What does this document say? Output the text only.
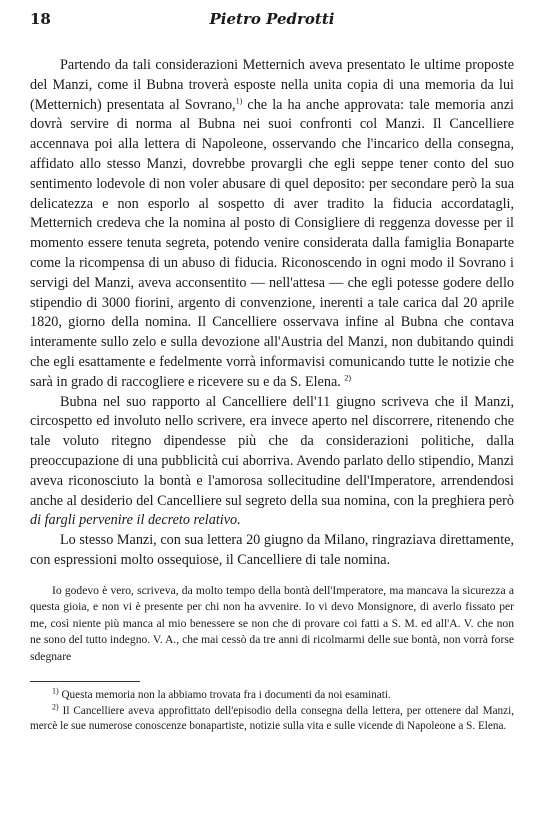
18	Pietro Pedrotti

Partendo da tali considerazioni Metternich aveva presentato le ultime proposte del Manzi, come il Bubna troverà esposte nella unita copia di una memoria da lui (Metternich) presentata al Sovrano,$^{1)}$ che la ha anche approvata: tale memoria anzi dovrà servire di norma al Bubna nei suoi confronti col Manzi. Il Cancelliere accennava poi alla lettera di Napoleone, osservando che l'incarico della consegna, affidato allo stesso Manzi, dovrebbe provargli che egli seppe tener conto del suo sentimento lodevole di non voler abusare di quel deposito: per secondare però la sua delicatezza e non esporlo al sospetto di aver tradito la fiducia accordatagli, Metternich credeva che la nomina al posto di Consigliere di reggenza dovesse per il momento essere tenuta segreta, potendo venire considerata dalla famiglia Bonaparte come la ricompensa di un abuso di fiducia. Riconoscendo in ogni modo il Sovrano i servigi del Manzi, aveva acconsentito — nell'attesa — che egli potesse godere dello stipendio di 3000 fiorini, argento di convenzione, inerenti a tale carica dal 20 aprile 1820, giorno della nomina. Il Cancelliere osservava infine al Bubna che contava interamente sullo zelo e sulla devozione all'Austria del Manzi, non dubitando quindi che egli esattamente e fedelmente vorrà informavisi comunicando tutte le notizie che sarà in grado di raccogliere e ricevere su e da S. Elena. $^{2)}$

Bubna nel suo rapporto al Cancelliere dell'11 giugno scriveva che il Manzi, circospetto ed involuto nello scrivere, era invece aperto nel discorrere, ritenendo che tale voluto ritegno dipendesse più che da considerazioni politiche, dalla preoccupazione di una pubblicità cui aborriva. Avendo parlato dello stipendio, Manzi aveva riconosciuto la bontà e l'amorosa sollecitudine dell'Imperatore, arrendendosi anche al desiderio del Cancelliere sul segreto della sua nomina, con la preghiera però di fargli pervenire il decreto relativo.

Lo stesso Manzi, con sua lettera 20 giugno da Milano, ringraziava direttamente, con espressioni molto ossequiose, il Cancelliere di tale nomina.

Io godevo è vero, scriveva, da molto tempo della bontà dell'Imperatore, ma mancava la sicurezza a questa gioia, e non vi è presente per chi non ha avvenire. Io vi devo Monsignore, di averlo fissato per me, così niente più manca al mio benessere se non che di provare coi fatti a S. M. ed all'A. V. che non ne sono del tutto indegno. V. A., che mai cessò da tre anni di ricolmarmi delle sue bontà, non vorrà forse sdegnare

$^{1)}$ Questa memoria non la abbiamo trovata fra i documenti da noi esaminati.

$^{2)}$ Il Cancelliere aveva approfittato dell'episodio della consegna della lettera, per ottenere dal Manzi, mercè le sue numerose conoscenze bonapartiste, notizie sulla vita e sulle vicende di Napoleone a S. Elena.
